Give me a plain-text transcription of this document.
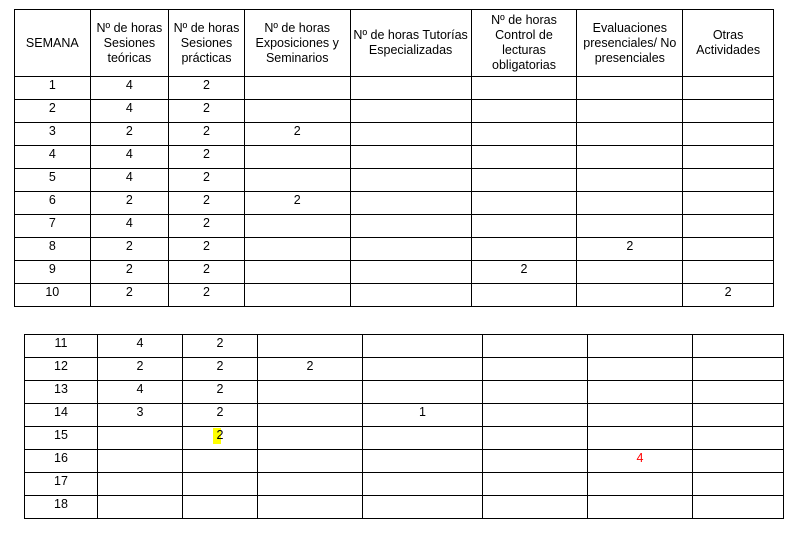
SEMANA	Nº de horas Sesiones teóricas	Nº de horas Sesiones prácticas	Nº de horas Exposiciones y Seminarios	Nº de horas Tutorías Especializadas	Nº de horas Control de lecturas obligatorias	Evaluaciones presenciales/ No presenciales	Otras Actividades
1	4	2					
2	4	2					
3	2	2	2				
4	4	2					
5	4	2					
6	2	2	2				
7	4	2					
8	2	2				2	
9	2	2			2		
10	2	2					2
11	4	2					
12	2	2	2				
13	4	2					
14	3	2		1			
15		2					
16						4	
17							
18							
